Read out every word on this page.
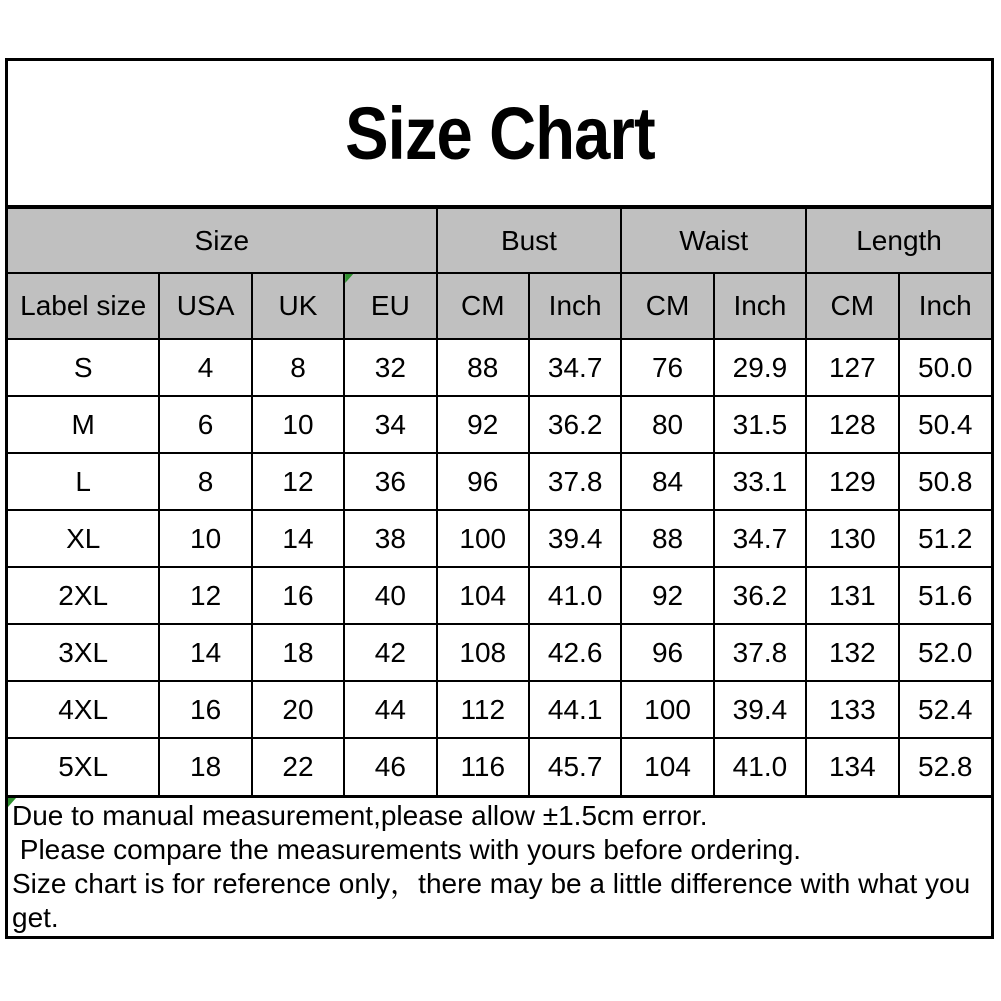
Size Chart
Size				Bust		Waist		Length	
Label size	USA	UK	EU	CM	Inch	CM	Inch	CM	Inch
S	4	8	32	88	34.7	76	29.9	127	50.0
M	6	10	34	92	36.2	80	31.5	128	50.4
L	8	12	36	96	37.8	84	33.1	129	50.8
XL	10	14	38	100	39.4	88	34.7	130	51.2
2XL	12	16	40	104	41.0	92	36.2	131	51.6
3XL	14	18	42	108	42.6	96	37.8	132	52.0
4XL	16	20	44	112	44.1	100	39.4	133	52.4
5XL	18	22	46	116	45.7	104	41.0	134	52.8

Due to manual measurement,please allow ±1.5cm error.

Please compare the measurements with yours before ordering.

Size chart is for reference only，there may be a little difference with what you get.
